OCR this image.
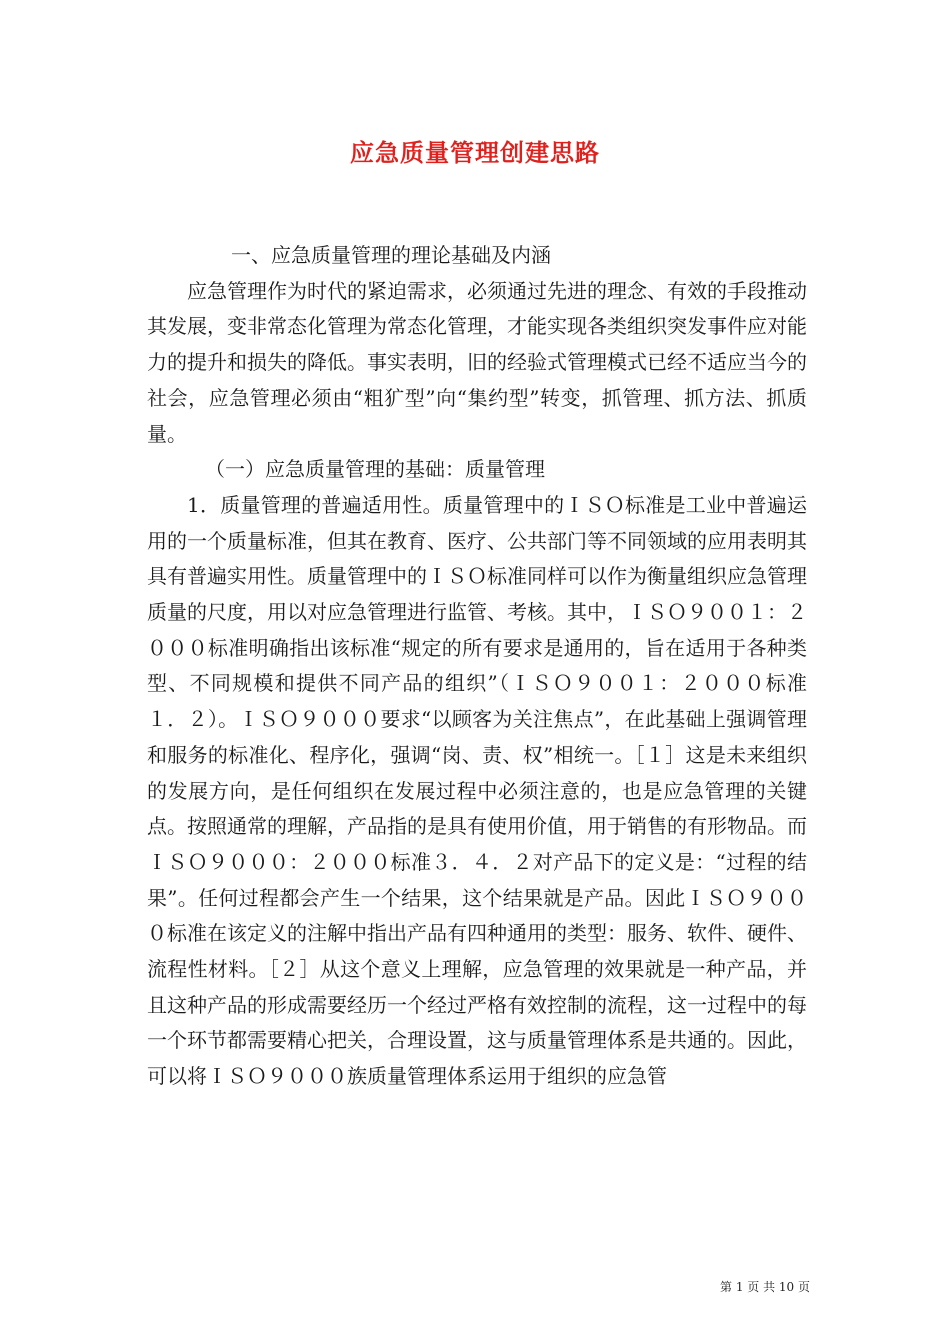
应急质量管理创建思路

一、应急质量管理的理论基础及内涵

应急管理作为时代的紧迫需求，必须通过先进的理念、有效的手段推动其发展，变非常态化管理为常态化管理，才能实现各类组织突发事件应对能力的提升和损失的降低。事实表明，旧的经验式管理模式已经不适应当今的社会，应急管理必须由“粗犷型”向“集约型”转变，抓管理、抓方法、抓质量。

（一）应急质量管理的基础：质量管理

1．质量管理的普遍适用性。质量管理中的ＩＳＯ标准是工业中普遍运用的一个质量标准，但其在教育、医疗、公共部门等不同领域的应用表明其具有普遍实用性。质量管理中的ＩＳＯ标准同样可以作为衡量组织应急管理质量的尺度，用以对应急管理进行监管、考核。其中，ＩＳＯ９００１：２０００标准明确指出该标准“规定的所有要求是通用的，旨在适用于各种类型、不同规模和提供不同产品的组织”（ＩＳＯ９００１：２０００标准１．２）。ＩＳＯ９０００要求“以顾客为关注焦点”，在此基础上强调管理和服务的标准化、程序化，强调“岗、责、权”相统一。［１］这是未来组织的发展方向，是任何组织在发展过程中必须注意的，也是应急管理的关键点。按照通常的理解，产品指的是具有使用价值，用于销售的有形物品。而ＩＳＯ９０００：２０００标准３．４．２对产品下的定义是：“过程的结果”。任何过程都会产生一个结果，这个结果就是产品。因此ＩＳＯ９０００标准在该定义的注解中指出产品有四种通用的类型：服务、软件、硬件、流程性材料。［２］从这个意义上理解，应急管理的效果就是一种产品，并且这种产品的形成需要经历一个经过严格有效控制的流程，这一过程中的每一个环节都需要精心把关，合理设置，这与质量管理体系是共通的。因此，可以将ＩＳＯ９０００族质量管理体系运用于组织的应急管

第 1 页 共 10 页
